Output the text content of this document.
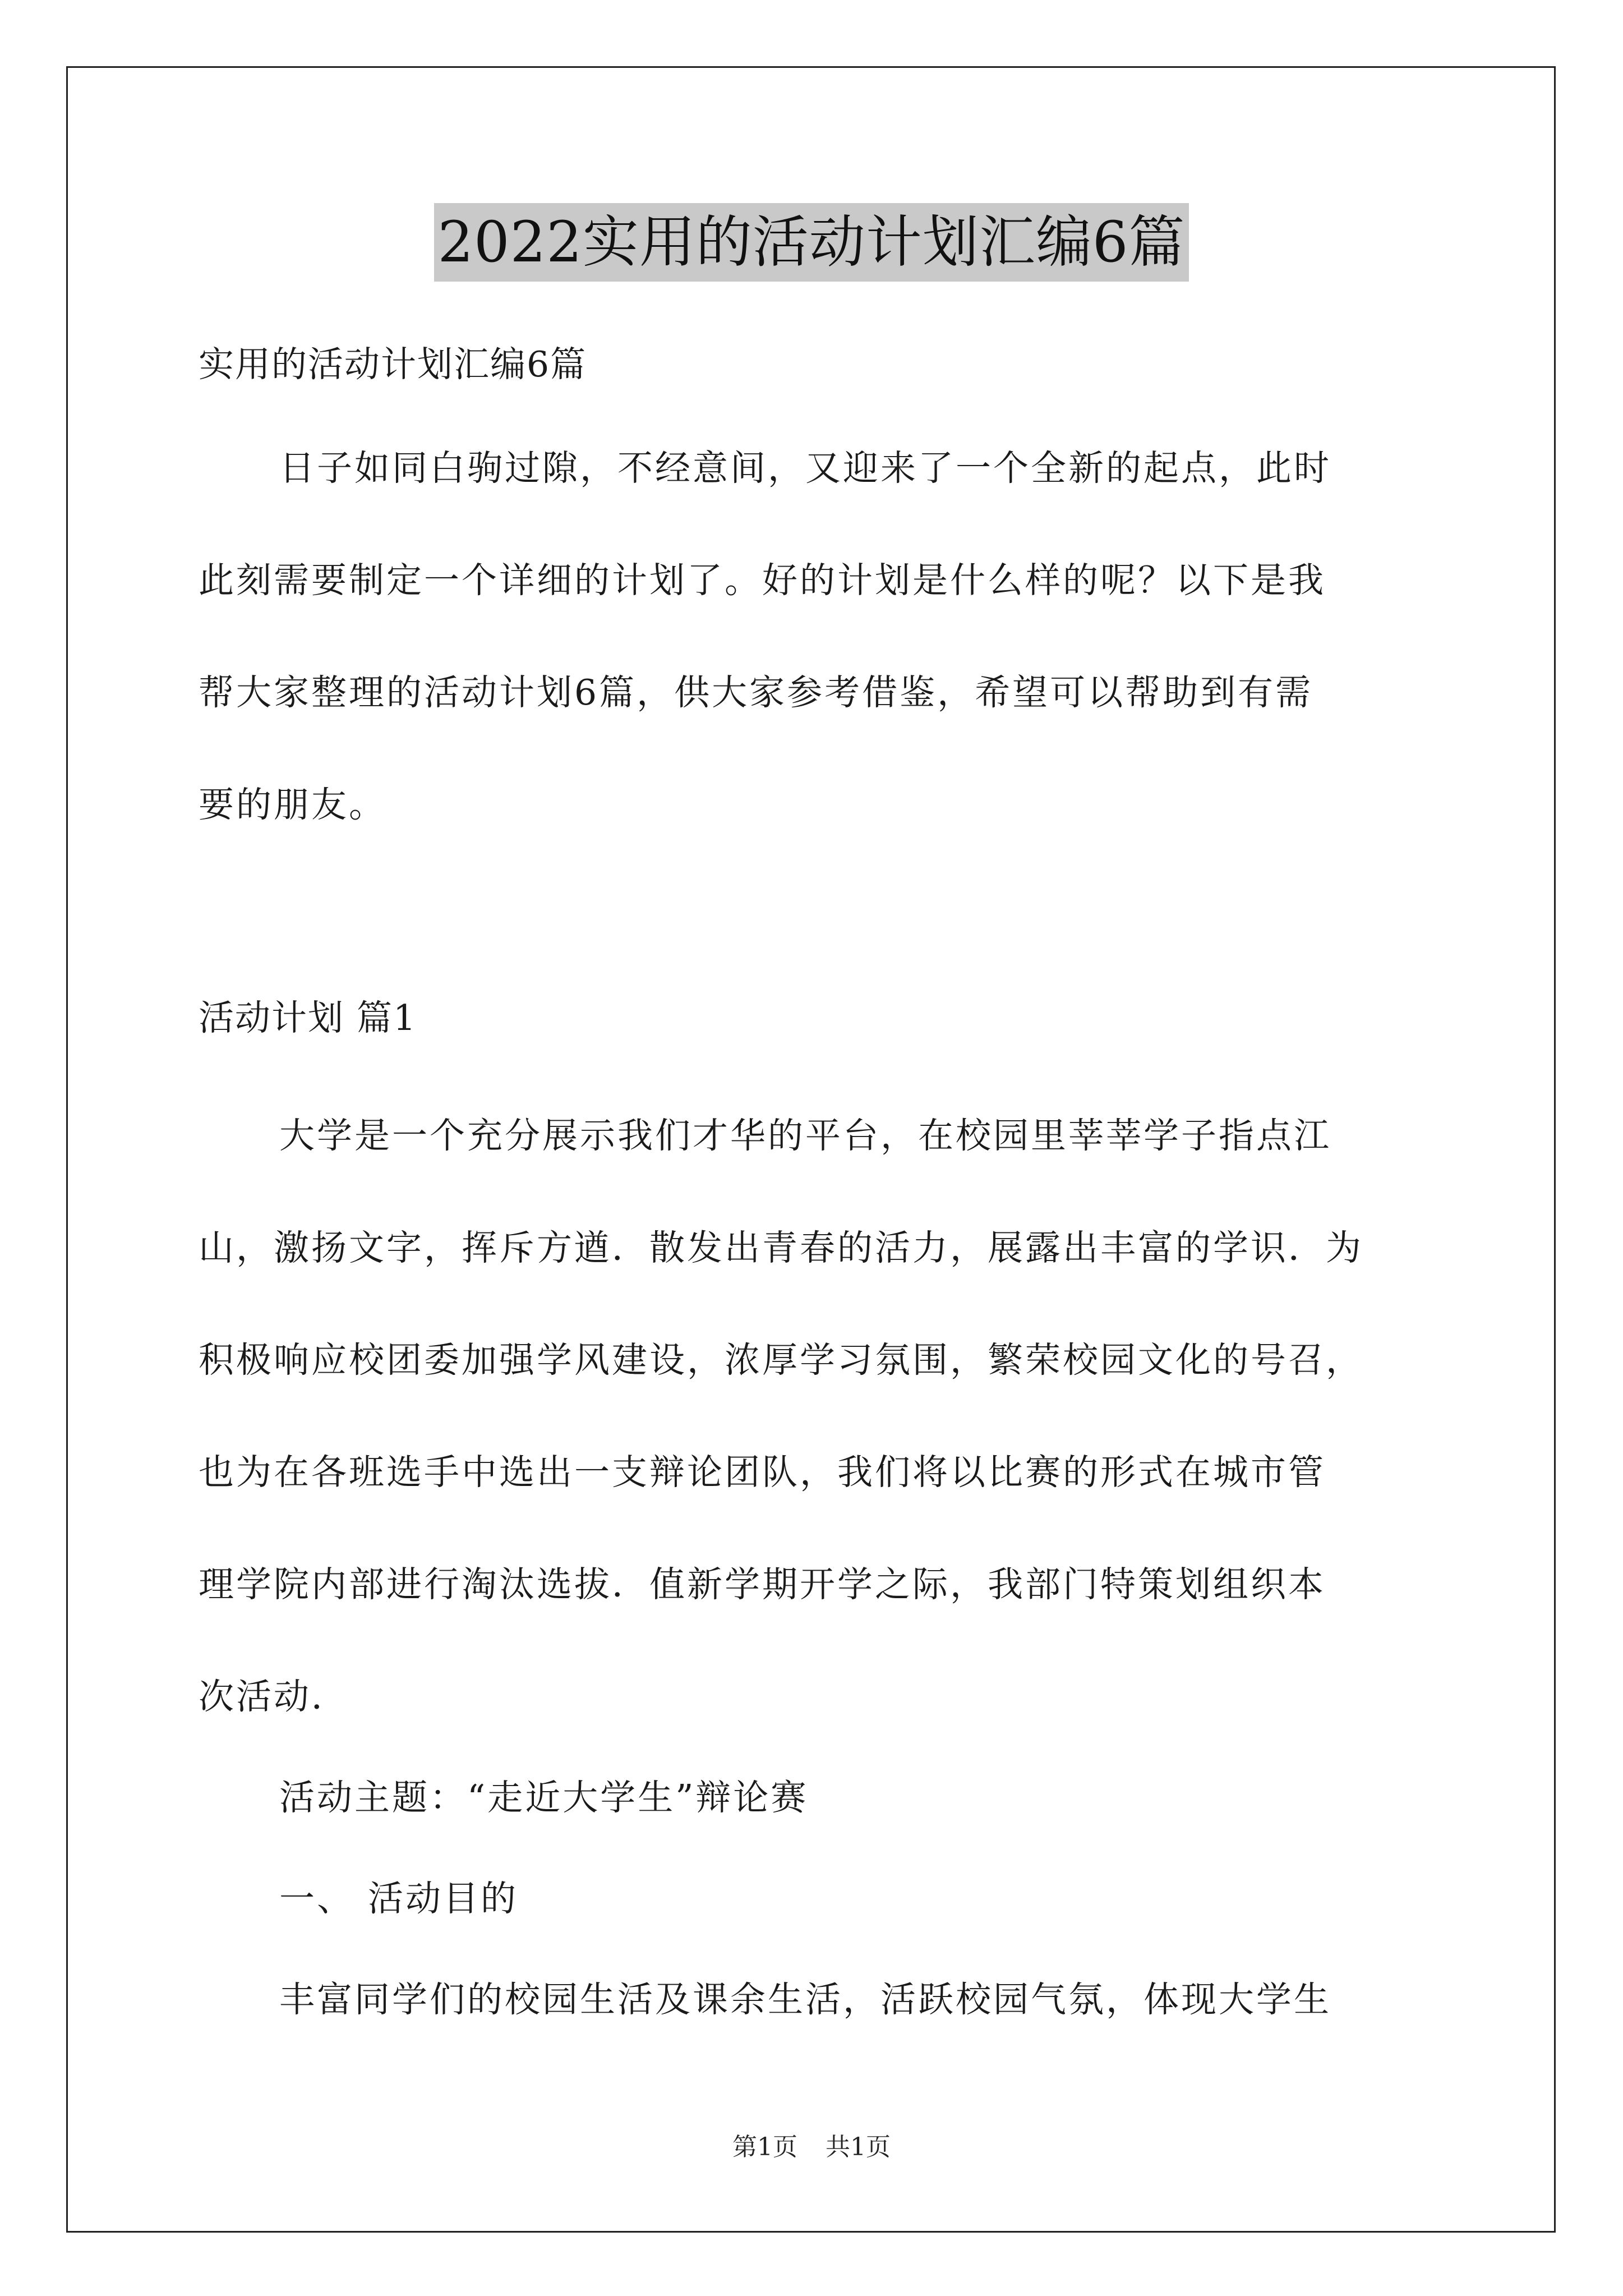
2022实用的活动计划汇编6篇
实用的活动计划汇编6篇
日子如同白驹过隙，不经意间，又迎来了一个全新的起点，此时
此刻需要制定一个详细的计划了。好的计划是什么样的呢？以下是我
帮大家整理的活动计划6篇，供大家参考借鉴，希望可以帮助到有需
要的朋友。
活动计划 篇1
大学是一个充分展示我们才华的平台，在校园里莘莘学子指点江
山，激扬文字，挥斥方遒．散发出青春的活力，展露出丰富的学识．为
积极响应校团委加强学风建设，浓厚学习氛围，繁荣校园文化的号召，
也为在各班选手中选出一支辩论团队，我们将以比赛的形式在城市管
理学院内部进行淘汰选拔．值新学期开学之际，我部门特策划组织本
次活动．
活动主题：“走近大学生”辩论赛
一、 活动目的
丰富同学们的校园生活及课余生活，活跃校园气氛，体现大学生
第1页 共1页
